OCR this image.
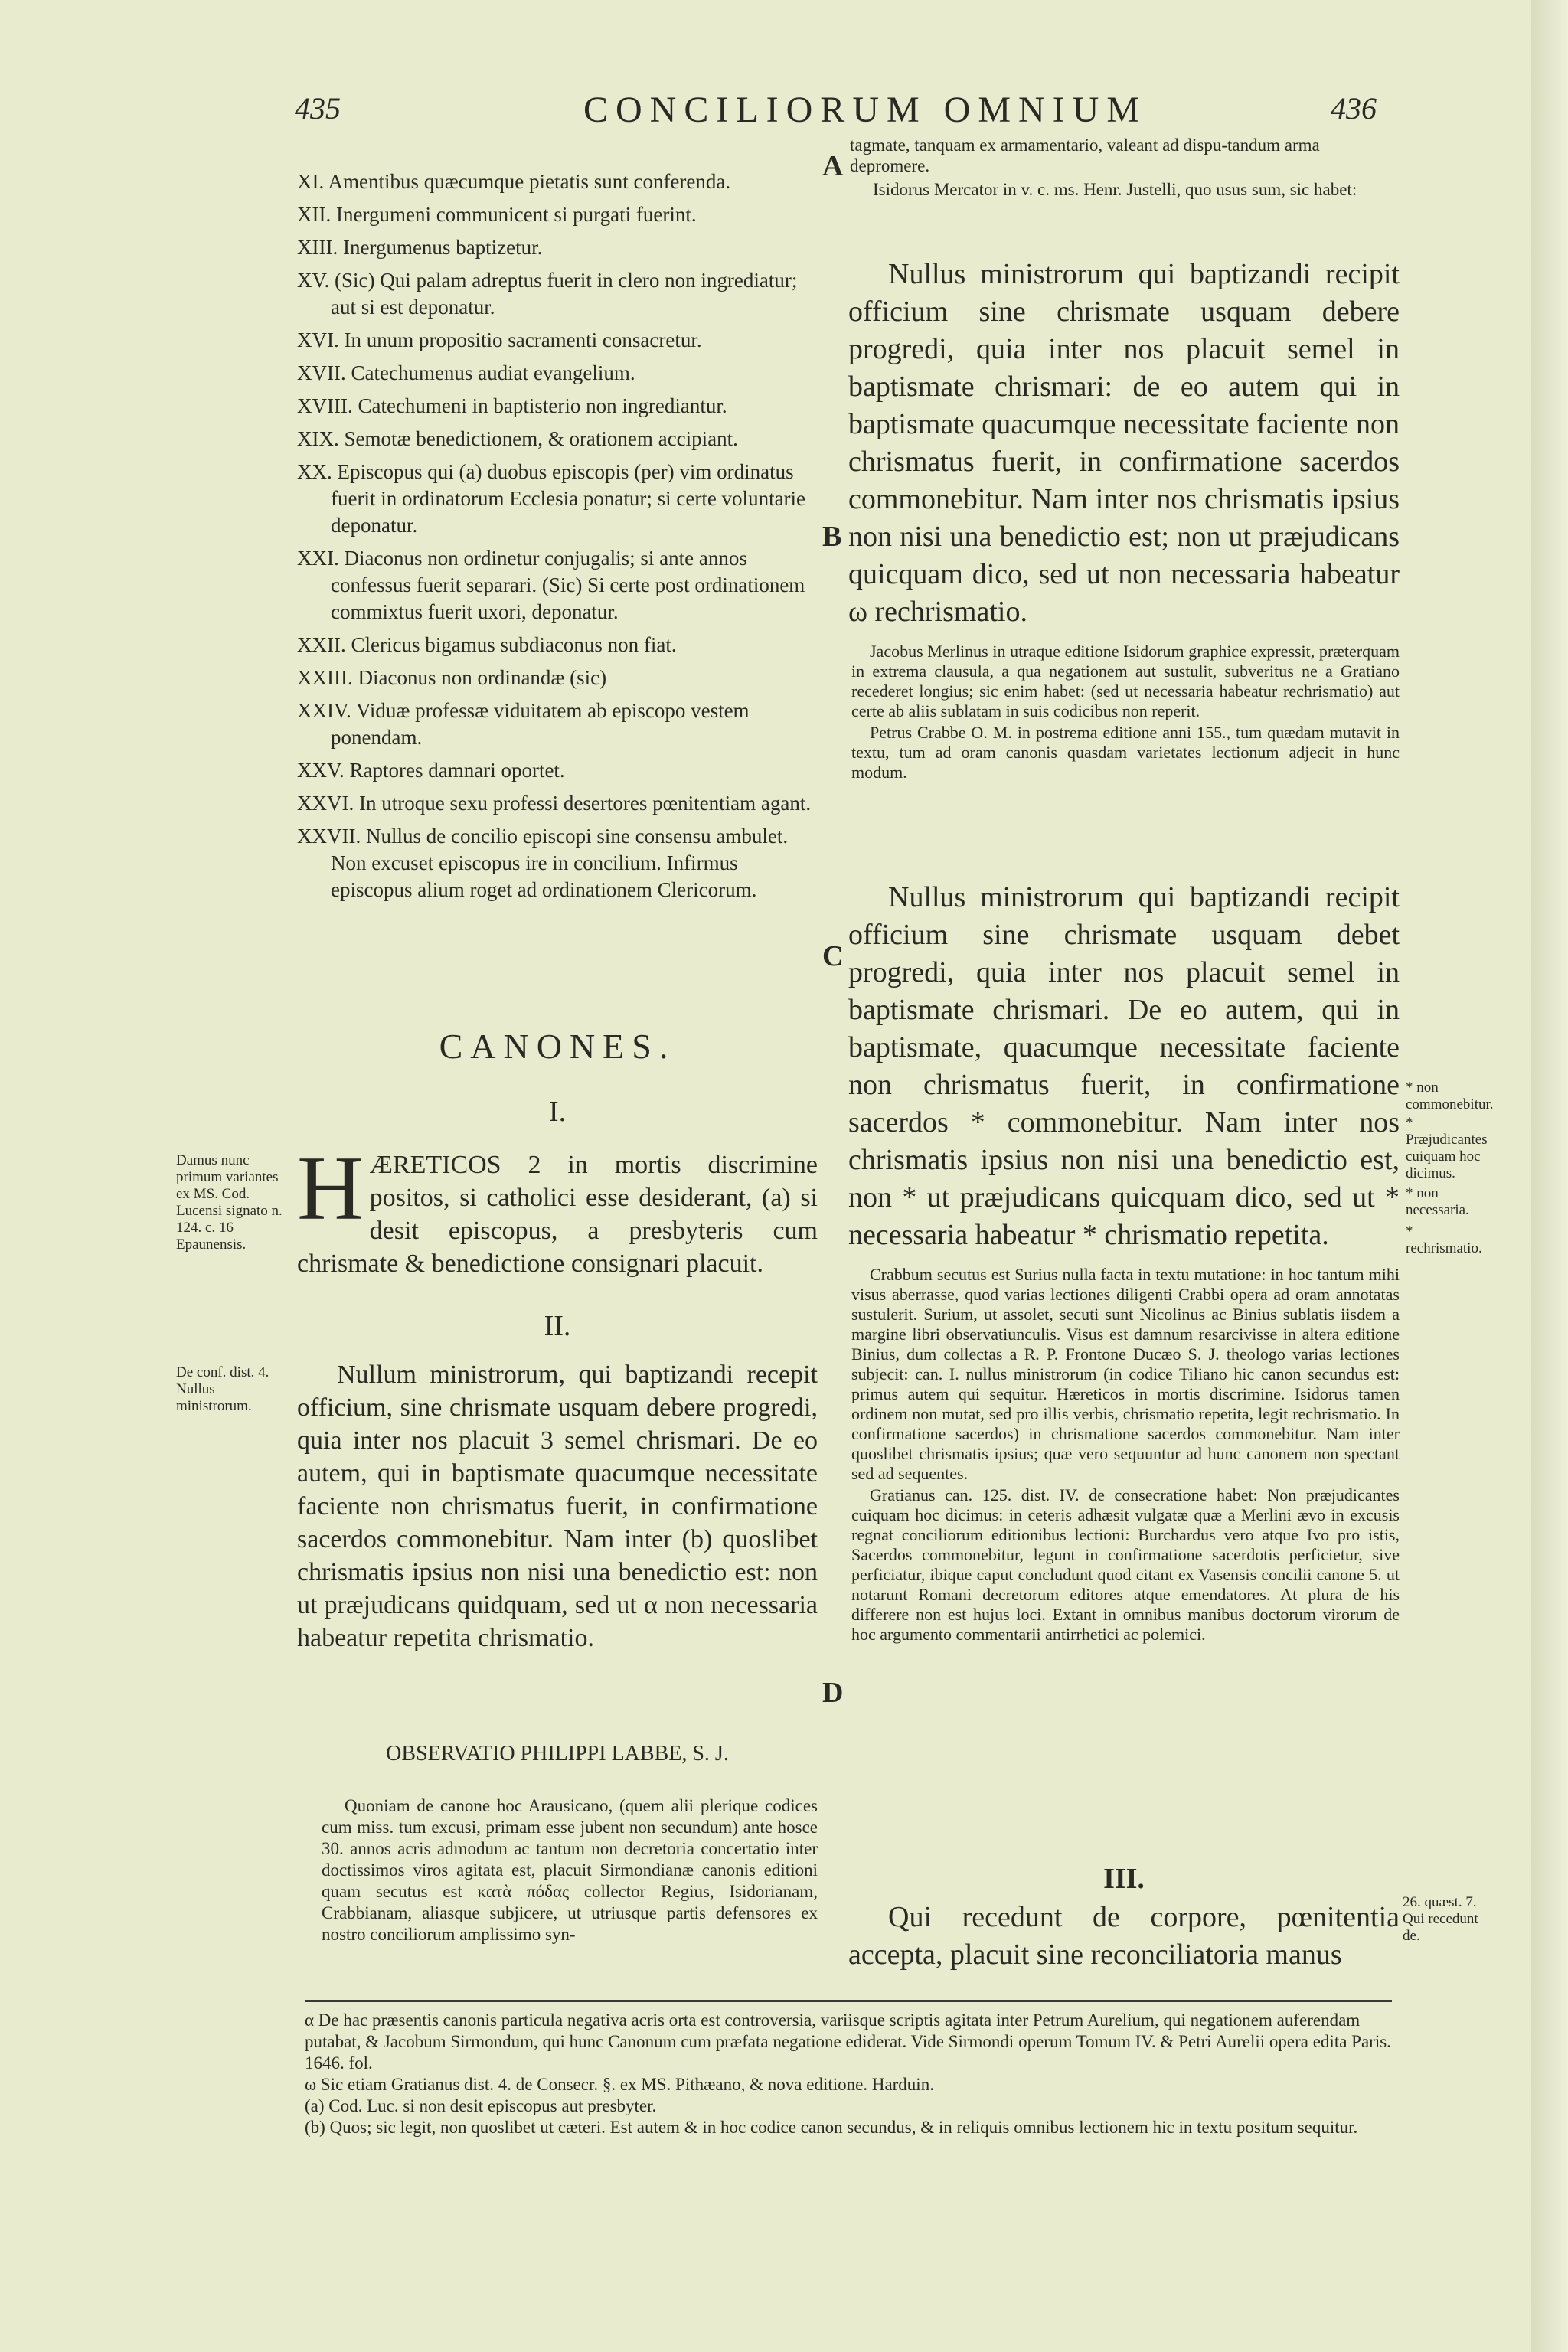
435	CONCILIORUM OMNIUM	436

XI. Amentibus quæcumque pietatis sunt conferenda.

XII. Inergumeni communicent si purgati fuerint.

XIII. Inergumenus baptizetur.

XV. (Sic) Qui palam adreptus fuerit in clero non ingrediatur; aut si est deponatur.

XVI. In unum propositio sacramenti consacretur.

XVII. Catechumenus audiat evangelium.

XVIII. Catechumeni in baptisterio non ingrediantur.

XIX. Semotæ benedictionem, & orationem accipiant.

XX. Episcopus qui (a) duobus episcopis (per) vim ordinatus fuerit in ordinatorum Ecclesia ponatur; si certe voluntarie deponatur.

XXI. Diaconus non ordinetur conjugalis; si ante annos confessus fuerit separari. (Sic) Si certe post ordinationem commixtus fuerit uxori, deponatur.

XXII. Clericus bigamus subdiaconus non fiat.

XXIII. Diaconus non ordinandæ (sic)

XXIV. Viduæ professæ viduitatem ab episcopo vestem ponendam.

XXV. Raptores damnari oportet.

XXVI. In utroque sexu professi desertores pœnitentiam agant.

XXVII. Nullus de concilio episcopi sine consensu ambulet. Non excuset episcopus ire in concilium. Infirmus episcopus alium roget ad ordinationem Clericorum.

A
B
C
D
CANONES.
I.
H ÆRETICOS 2 in mortis discrimine positos, si catholici esse desiderant, (a) si desit episcopus, a presbyteris cum chrismate & benedictione consignari placuit.

II.

Nullum ministrorum, qui baptizandi recepit officium, sine chrismate usquam debere progredi, quia inter nos placuit 3 semel chrismari. De eo autem, qui in baptismate quacumque necessitate faciente non chrismatus fuerit, in confirmatione sacerdos commonebitur. Nam inter (b) quoslibet chrismatis ipsius non nisi una benedictio est: non ut præjudicans quidquam, sed ut α non necessaria habeatur repetita chrismatio.

OBSERVATIO PHILIPPI LABBE, S. J.

Quoniam de canone hoc Arausicano, (quem alii plerique codices cum miss. tum excusi, primam esse jubent non secundum) ante hosce 30. annos acris admodum ac tantum non decretoria concertatio inter doctissimos viros agitata est, placuit Sirmondianæ canonis editioni quam secutus est κατὰ πόδας collector Regius, Isidorianam, Crabbianam, aliasque subjicere, ut utriusque partis defensores ex nostro conciliorum amplissimo syn-

Damus nunc primum variantes ex MS. Cod. Lucensi signato n. 124. c. 16 Epaunensis.
De conf. dist. 4. Nullus ministrorum.
tagmate, tanquam ex armamentario, valeant ad dispu-tandum arma depromere.
Isidorus Mercator in v. c. ms. Henr. Justelli, quo usus sum, sic habet:

Nullus ministrorum qui baptizandi recipit officium sine chrismate usquam debere progredi, quia inter nos placuit semel in baptismate chrismari: de eo autem qui in baptismate quacumque necessitate faciente non chrismatus fuerit, in confirmatione sacerdos commonebitur. Nam inter nos chrismatis ipsius non nisi una benedictio est; non ut præjudicans quicquam dico, sed ut non necessaria habeatur ω rechrismatio.

Jacobus Merlinus in utraque editione Isidorum graphice expressit, præterquam in extrema clausula, a qua negationem aut sustulit, subveritus ne a Gratiano recederet longius; sic enim habet: (sed ut necessaria habeatur rechrismatio) aut certe ab aliis sublatam in suis codicibus non reperit.

Petrus Crabbe O. M. in postrema editione anni 155., tum quædam mutavit in textu, tum ad oram canonis quasdam varietates lectionum adjecit in hunc modum.

Nullus ministrorum qui baptizandi recipit officium sine chrismate usquam debet progredi, quia inter nos placuit semel in baptismate chrismari. De eo autem, qui in baptismate, quacumque necessitate faciente non chrismatus fuerit, in confirmatione sacerdos * commonebitur. Nam inter nos chrismatis ipsius non nisi una benedictio est, non * ut præjudicans quicquam dico, sed ut * necessaria habeatur * chrismatio repetita.

Crabbum secutus est Surius nulla facta in textu mutatione: in hoc tantum mihi visus aberrasse, quod varias lectiones diligenti Crabbi opera ad oram annotatas sustulerit. Surium, ut assolet, secuti sunt Nicolinus ac Binius sublatis iisdem a margine libri observatiunculis. Visus est damnum resarcivisse in altera editione Binius, dum collectas a R. P. Frontone Ducæo S. J. theologo varias lectiones subjecit: can. I. nullus ministrorum (in codice Tiliano hic canon secundus est: primus autem qui sequitur. Hæreticos in mortis discrimine. Isidorus tamen ordinem non mutat, sed pro illis verbis, chrismatio repetita, legit rechrismatio. In confirmatione sacerdos) in chrismatione sacerdos commonebitur. Nam inter quoslibet chrismatis ipsius; quæ vero sequuntur ad hunc canonem non spectant sed ad sequentes.

Gratianus can. 125. dist. IV. de consecratione habet: Non præjudicantes cuiquam hoc dicimus: in ceteris adhæsit vulgatæ quæ a Merlini ævo in excusis regnat conciliorum editionibus lectioni: Burchardus vero atque Ivo pro istis, Sacerdos commonebitur, legunt in confirmatione sacerdotis perficietur, sive perficiatur, ibique caput concludunt quod citant ex Vasensis concilii canone 5. ut notarunt Romani decretorum editores atque emendatores. At plura de his differere non est hujus loci. Extant in omnibus manibus doctorum virorum de hoc argumento commentarii antirrhetici ac polemici.

III.

Qui recedunt de corpore, pœnitentia accepta, placuit sine reconciliatoria manus

* non commonebitur.
* Præjudicantes cuiquam hoc dicimus.
* non necessaria.
* rechrismatio.
26. quæst. 7. Qui recedunt de.

α De hac præsentis canonis particula negativa acris orta est controversia, variisque scriptis agitata inter Petrum Aurelium, qui negationem auferendam putabat, & Jacobum Sirmondum, qui hunc Canonum cum præfata negatione ediderat. Vide Sirmondi operum Tomum IV. & Petri Aurelii opera edita Paris. 1646. fol.

ω Sic etiam Gratianus dist. 4. de Consecr. §. ex MS. Pithæano, & nova editione. Harduin.

(a) Cod. Luc. si non desit episcopus aut presbyter.

(b) Quos; sic legit, non quoslibet ut cæteri. Est autem & in hoc codice canon secundus, & in reliquis omnibus lectionem hic in textu positum sequitur.
